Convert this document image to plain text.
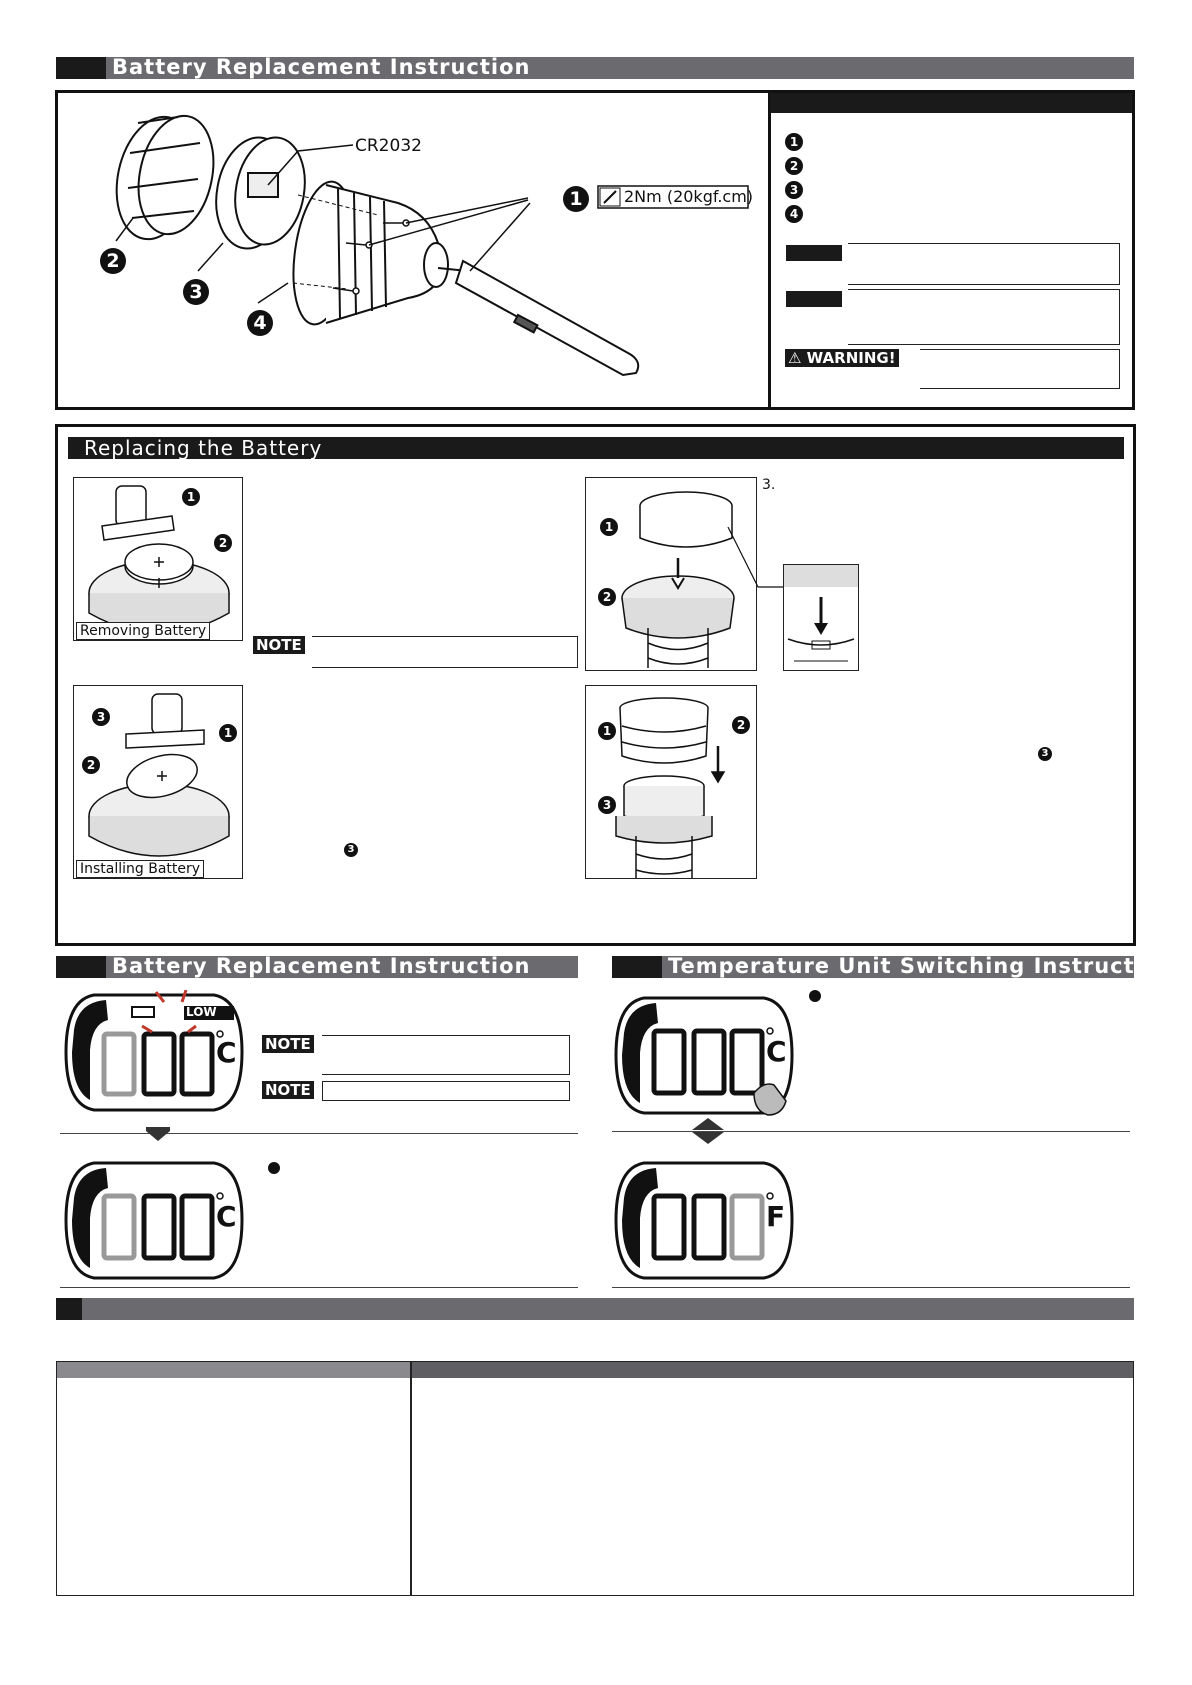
Battery Replacement Instruction
CR2032
2Nm (20kgf.cm)
1
2
3
4
1
2
3
4
⚠ WARNING!
Replacing the Battery
Removing Battery
1
2
NOTE
Installing Battery
3
1
2
3
1
2
3.
1	2
3
3
Battery Replacement Instruction	Temperature Unit Switching Instruction
LOW
C NOTE
NOTE
C
C
F
